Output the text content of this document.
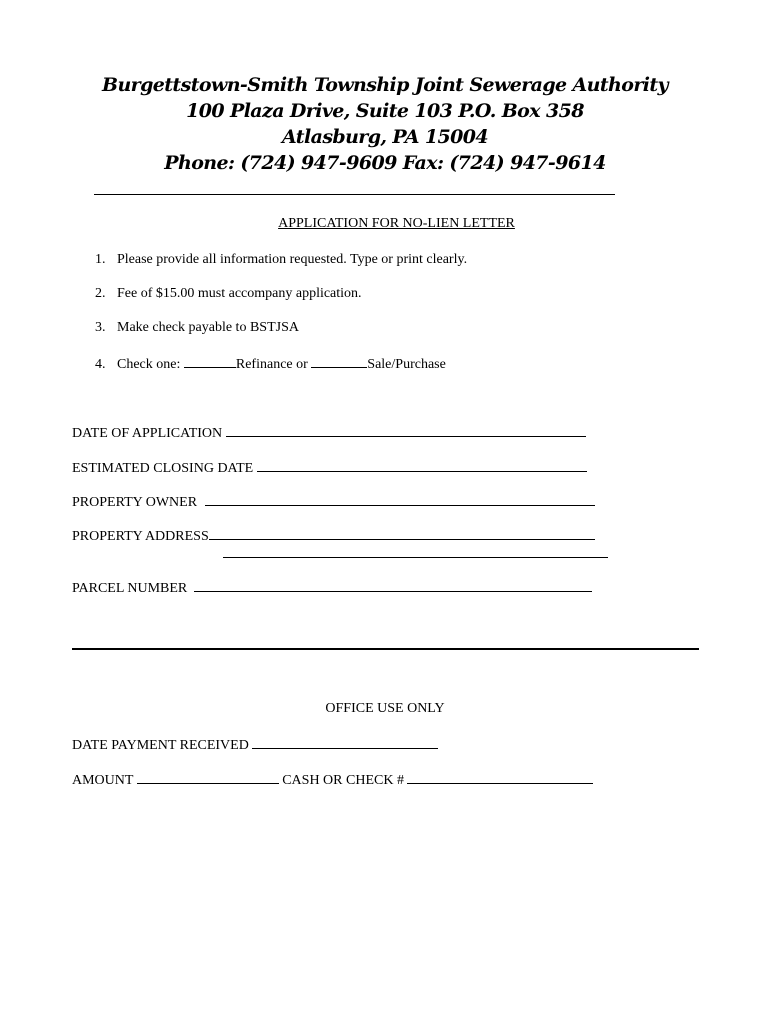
Burgettstown-Smith Township Joint Sewerage Authority
100 Plaza Drive, Suite 103 P.O. Box 358
Atlasburg, PA 15004
Phone: (724) 947-9609 Fax: (724) 947-9614
APPLICATION FOR NO-LIEN LETTER
1. Please provide all information requested. Type or print clearly.
2. Fee of $15.00 must accompany application.
3. Make check payable to BSTJSA
4. Check one:	Refinance or	Sale/Purchase
DATE OF APPLICATION
ESTIMATED CLOSING DATE
PROPERTY OWNER
PROPERTY ADDRESS
PARCEL NUMBER
OFFICE USE ONLY
DATE PAYMENT RECEIVED
AMOUNT	CASH OR CHECK #
